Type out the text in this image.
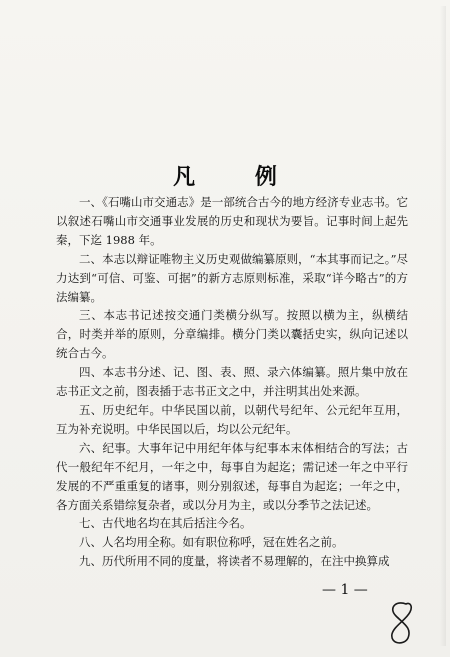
凡 例

一、《石嘴山市交通志》是一部统合古今的地方经济专业志书。它以叙述石嘴山市交通事业发展的历史和现状为要旨。记事时间上起先秦，下迄 1988 年。

二、本志以辩证唯物主义历史观做编纂原则，“本其事而记之。”尽力达到“可信、可鉴、可据”的新方志原则标准，采取“详今略古”的方法编纂。

三、本志书记述按交通门类横分纵写。按照以横为主，纵横结合，时类并举的原则，分章编排。横分门类以囊括史实，纵向记述以统合古今。

四、本志书分述、记、图、表、照、录六体编纂。照片集中放在志书正文之前，图表插于志书正文之中，并注明其出处来源。

五、历史纪年。中华民国以前，以朝代号纪年、公元纪年互用，互为补充说明。中华民国以后，均以公元纪年。

六、纪事。大事年记中用纪年体与纪事本末体相结合的写法；古代一般纪年不纪月，一年之中，每事自为起迄；需记述一年之中平行发展的不严重重复的诸事，则分别叙述，每事自为起迄；一年之中，各方面关系错综复杂者，或以分月为主，或以分季节之法记述。

七、古代地名均在其后括注今名。

八、人名均用全称。如有职位称呼，冠在姓名之前。

九、历代所用不同的度量，将读者不易理解的，在注中换算成

— 1 —
